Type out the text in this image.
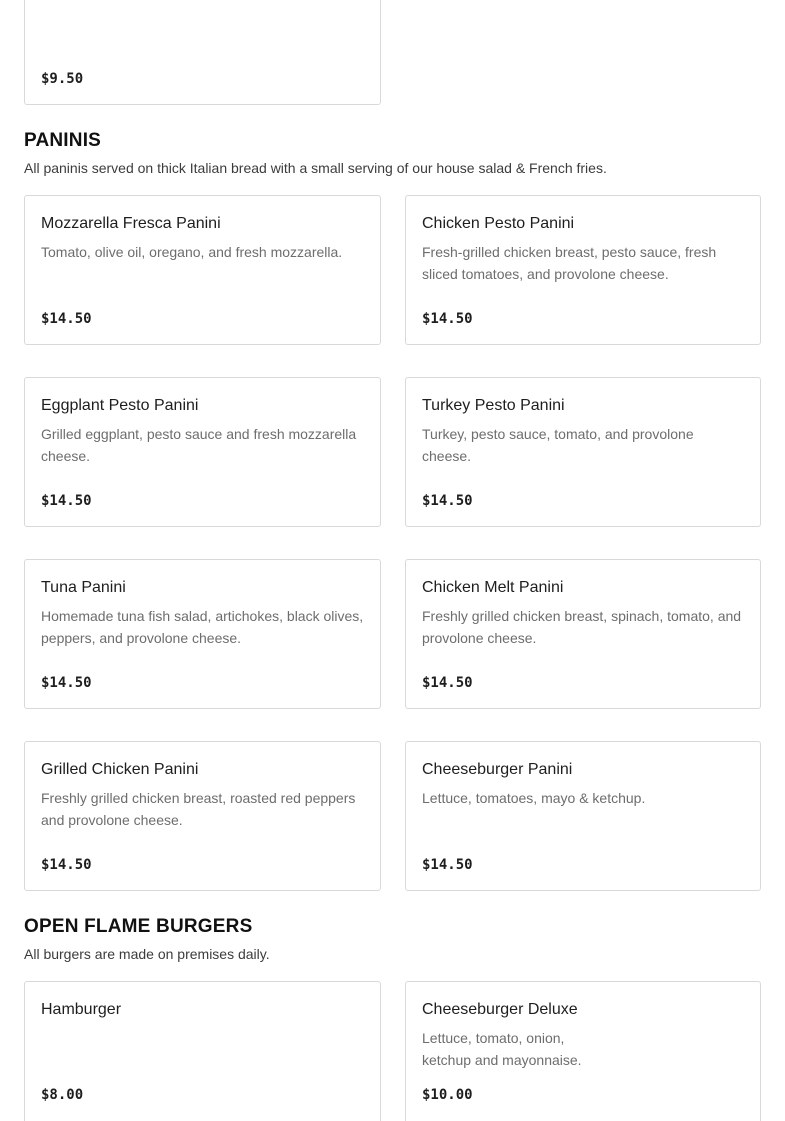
$9.50
PANINIS

All paninis served on thick Italian bread with a small serving of our house salad & French fries.

Mozzarella Fresca Panini
Tomato, olive oil, oregano, and fresh mozzarella.
$14.50
Chicken Pesto Panini
Fresh-grilled chicken breast, pesto sauce, fresh sliced tomatoes, and provolone cheese.
$14.50
Eggplant Pesto Panini
Grilled eggplant, pesto sauce and fresh mozzarella cheese.
$14.50
Turkey Pesto Panini
Turkey, pesto sauce, tomato, and provolone cheese.
$14.50
Tuna Panini
Homemade tuna fish salad, artichokes, black olives, peppers, and provolone cheese.
$14.50
Chicken Melt Panini
Freshly grilled chicken breast, spinach, tomato, and provolone cheese.
$14.50
Grilled Chicken Panini
Freshly grilled chicken breast, roasted red peppers and provolone cheese.
$14.50
Cheeseburger Panini
Lettuce, tomatoes, mayo & ketchup.
$14.50
OPEN FLAME BURGERS

All burgers are made on premises daily.

Hamburger
$8.00
Cheeseburger Deluxe
Lettuce, tomato, onion,
ketchup and mayonnaise.
$10.00
